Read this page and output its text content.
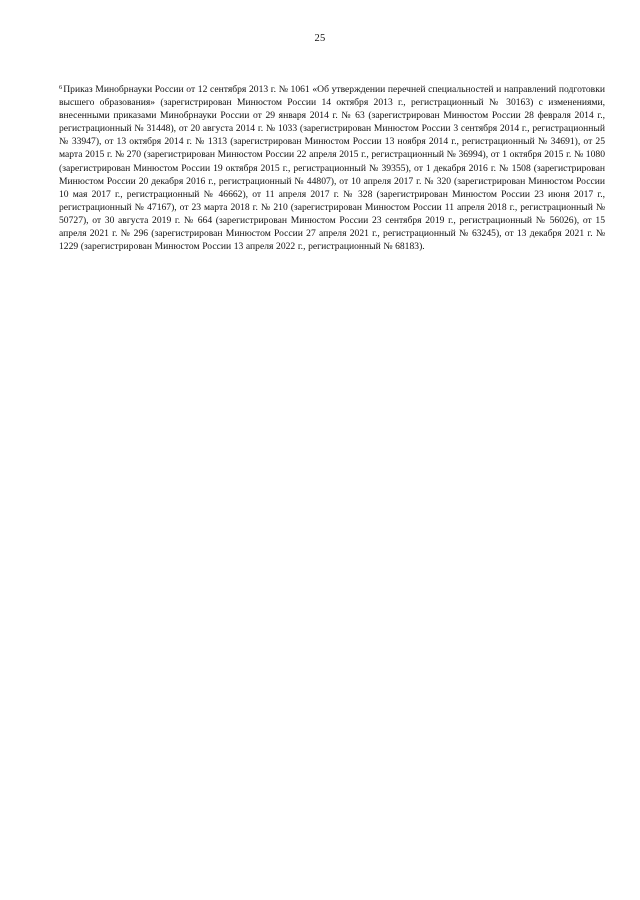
25
$^6$Приказ Минобрнауки России от 12 сентября 2013 г. № 1061 «Об утверждении перечней специальностей и направлений подготовки высшего образования» (зарегистрирован Минюстом России 14 октября 2013 г., регистрационный № 30163) с изменениями, внесенными приказами Минобрнауки России от 29 января 2014 г. № 63 (зарегистрирован Минюстом России 28 февраля 2014 г., регистрационный № 31448), от 20 августа 2014 г. № 1033 (зарегистрирован Минюстом России 3 сентября 2014 г., регистрационный № 33947), от 13 октября 2014 г. № 1313 (зарегистрирован Минюстом России 13 ноября 2014 г., регистрационный № 34691), от 25 марта 2015 г. № 270 (зарегистрирован Минюстом России 22 апреля 2015 г., регистрационный № 36994), от 1 октября 2015 г. № 1080 (зарегистрирован Минюстом России 19 октября 2015 г., регистрационный № 39355), от 1 декабря 2016 г. № 1508 (зарегистрирован Минюстом России 20 декабря 2016 г., регистрационный № 44807), от 10 апреля 2017 г. № 320 (зарегистрирован Минюстом России 10 мая 2017 г., регистрационный № 46662), от 11 апреля 2017 г. № 328 (зарегистрирован Минюстом России 23 июня 2017 г., регистрационный № 47167), от 23 марта 2018 г. № 210 (зарегистрирован Минюстом России 11 апреля 2018 г., регистрационный № 50727), от 30 августа 2019 г. № 664 (зарегистрирован Минюстом России 23 сентября 2019 г., регистрационный № 56026), от 15 апреля 2021 г. № 296 (зарегистрирован Минюстом России 27 апреля 2021 г., регистрационный № 63245), от 13 декабря 2021 г. № 1229 (зарегистрирован Минюстом России 13 апреля 2022 г., регистрационный № 68183).
